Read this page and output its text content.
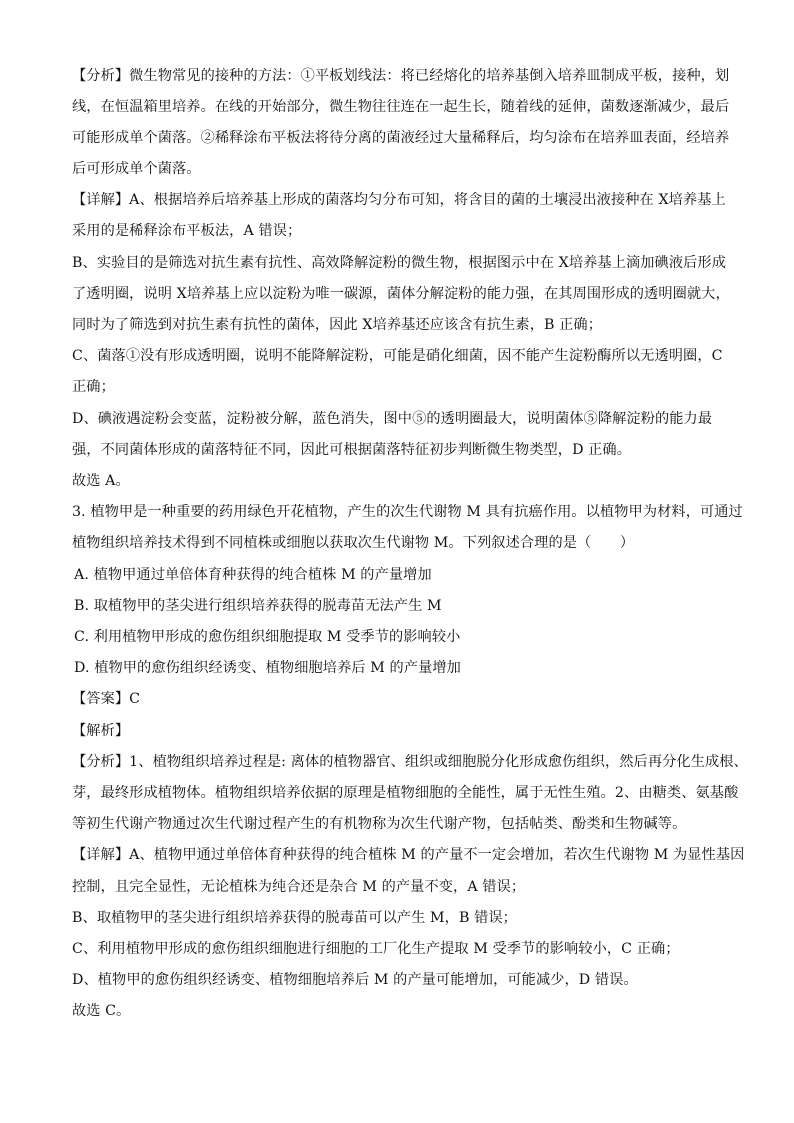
【分析】微生物常见的接种的方法：①平板划线法：将已经熔化的培养基倒入培养皿制成平板，接种，划
线，在恒温箱里培养。在线的开始部分，微生物往往连在一起生长，随着线的延伸，菌数逐渐减少，最后
可能形成单个菌落。②稀释涂布平板法将待分离的菌液经过大量稀释后，均匀涂布在培养皿表面，经培养
后可形成单个菌落。
【详解】A、根据培养后培养基上形成的菌落均匀分布可知，将含目的菌的土壤浸出液接种在 X培养基上
采用的是稀释涂布平板法，A 错误；
B、实验目的是筛选对抗生素有抗性、高效降解淀粉的微生物，根据图示中在 X培养基上滴加碘液后形成
了透明圈，说明 X培养基上应以淀粉为唯一碳源，菌体分解淀粉的能力强，在其周围形成的透明圈就大，
同时为了筛选到对抗生素有抗性的菌体，因此 X培养基还应该含有抗生素，B 正确；
C、菌落①没有形成透明圈，说明不能降解淀粉，可能是硝化细菌，因不能产生淀粉酶所以无透明圈，C
正确；
D、碘液遇淀粉会变蓝，淀粉被分解，蓝色消失，图中⑤的透明圈最大，说明菌体⑤降解淀粉的能力最
强，不同菌体形成的菌落特征不同，因此可根据菌落特征初步判断微生物类型，D 正确。
故选 A。
3. 植物甲是一种重要的药用绿色开花植物，产生的次生代谢物 M 具有抗癌作用。以植物甲为材料，可通过
植物组织培养技术得到不同植株或细胞以获取次生代谢物 M。下列叙述合理的是（　　）
A. 植物甲通过单倍体育种获得的纯合植株 M 的产量增加
B. 取植物甲的茎尖进行组织培养获得的脱毒苗无法产生 M
C. 利用植物甲形成的愈伤组织细胞提取 M 受季节的影响较小
D. 植物甲的愈伤组织经诱变、植物细胞培养后 M 的产量增加
【答案】C
【解析】
【分析】1、植物组织培养过程是: 离体的植物器官、组织或细胞脱分化形成愈伤组织，然后再分化生成根、
芽，最终形成植物体。植物组织培养依据的原理是植物细胞的全能性，属于无性生殖。2、由糖类、氨基酸
等初生代谢产物通过次生代谢过程产生的有机物称为次生代谢产物，包括帖类、酚类和生物碱等。
【详解】A、植物甲通过单倍体育种获得的纯合植株 M 的产量不一定会增加，若次生代谢物 M 为显性基因
控制，且完全显性，无论植株为纯合还是杂合 M 的产量不变，A 错误；
B、取植物甲的茎尖进行组织培养获得的脱毒苗可以产生 M，B 错误；
C、利用植物甲形成的愈伤组织细胞进行细胞的工厂化生产提取 M 受季节的影响较小，C 正确；
D、植物甲的愈伤组织经诱变、植物细胞培养后 M 的产量可能增加，可能减少，D 错误。
故选 C。
